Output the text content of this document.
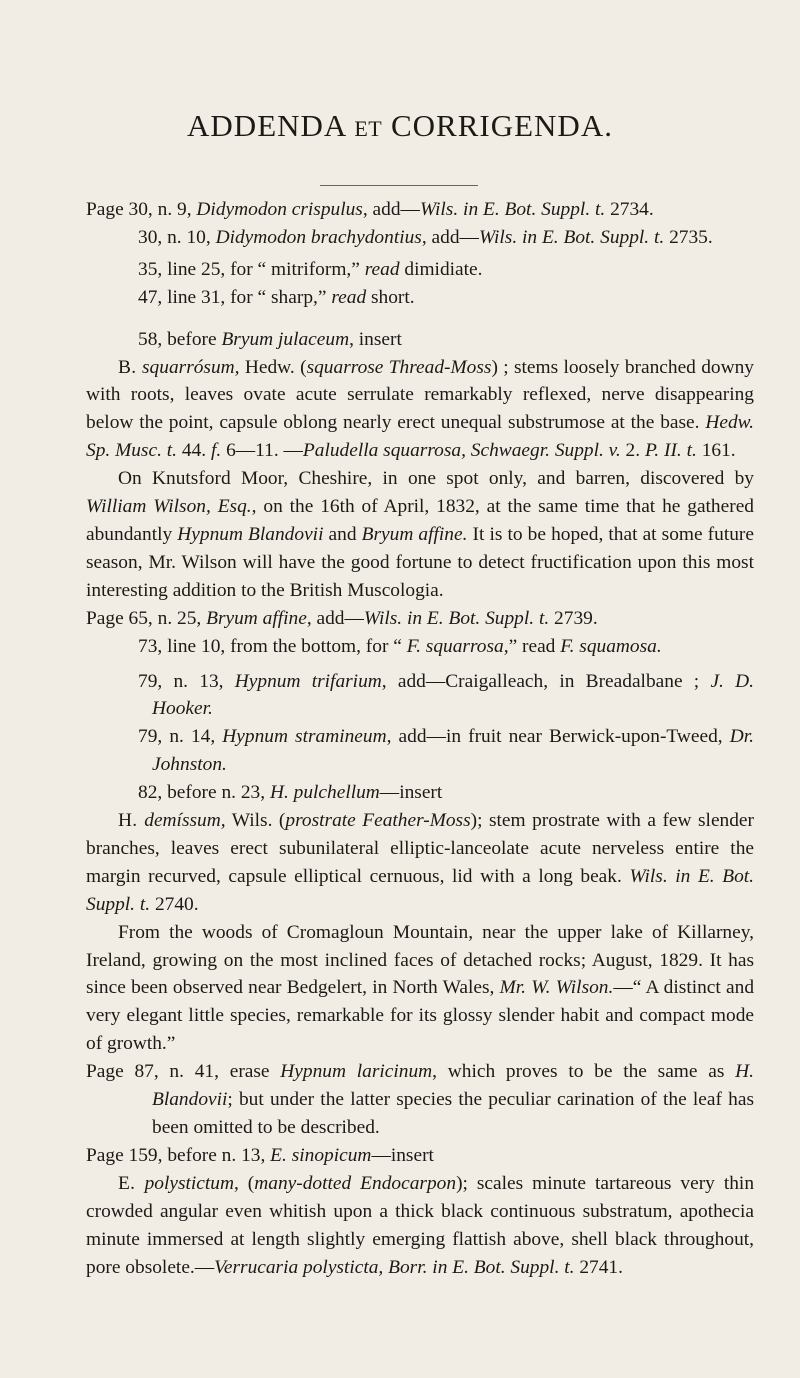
ADDENDA ET CORRIGENDA.

Page 30, n. 9, Didymodon crispulus, add—Wils. in E. Bot. Suppl. t. 2734.

30, n. 10, Didymodon brachydontius, add—Wils. in E. Bot. Suppl. t. 2735.

35, line 25, for “ mitriform,” read dimidiate.

47, line 31, for “ sharp,” read short.

58, before Bryum julaceum, insert

B. squarrósum, Hedw. (squarrose Thread-Moss) ; stems loosely branched downy with roots, leaves ovate acute serrulate remarkably reflexed, nerve disappearing below the point, capsule oblong nearly erect unequal substrumose at the base. Hedw. Sp. Musc. t. 44. f. 6—11. —Paludella squarrosa, Schwaegr. Suppl. v. 2. P. II. t. 161.

On Knutsford Moor, Cheshire, in one spot only, and barren, discovered by William Wilson, Esq., on the 16th of April, 1832, at the same time that he gathered abundantly Hypnum Blandovii and Bryum affine. It is to be hoped, that at some future season, Mr. Wilson will have the good fortune to detect fructification upon this most interesting addition to the British Muscologia.

Page 65, n. 25, Bryum affine, add—Wils. in E. Bot. Suppl. t. 2739.

73, line 10, from the bottom, for “ F. squarrosa,” read F. squamosa.

79, n. 13, Hypnum trifarium, add—Craigalleach, in Breadalbane ; J. D. Hooker.

79, n. 14, Hypnum stramineum, add—in fruit near Berwick-upon-Tweed, Dr. Johnston.

82, before n. 23, H. pulchellum—insert

H. demíssum, Wils. (prostrate Feather-Moss); stem prostrate with a few slender branches, leaves erect subunilateral elliptic-lanceolate acute nerveless entire the margin recurved, capsule elliptical cernuous, lid with a long beak. Wils. in E. Bot. Suppl. t. 2740.

From the woods of Cromagloun Mountain, near the upper lake of Killarney, Ireland, growing on the most inclined faces of detached rocks; August, 1829. It has since been observed near Bedgelert, in North Wales, Mr. W. Wilson.—“ A distinct and very elegant little species, remarkable for its glossy slender habit and compact mode of growth.”

Page 87, n. 41, erase Hypnum laricinum, which proves to be the same as H. Blandovii; but under the latter species the peculiar carination of the leaf has been omitted to be described.

Page 159, before n. 13, E. sinopicum—insert

E. polystictum, (many-dotted Endocarpon); scales minute tartareous very thin crowded angular even whitish upon a thick black continuous substratum, apothecia minute immersed at length slightly emerging flattish above, shell black throughout, pore obsolete.—Verrucaria polysticta, Borr. in E. Bot. Suppl. t. 2741.
